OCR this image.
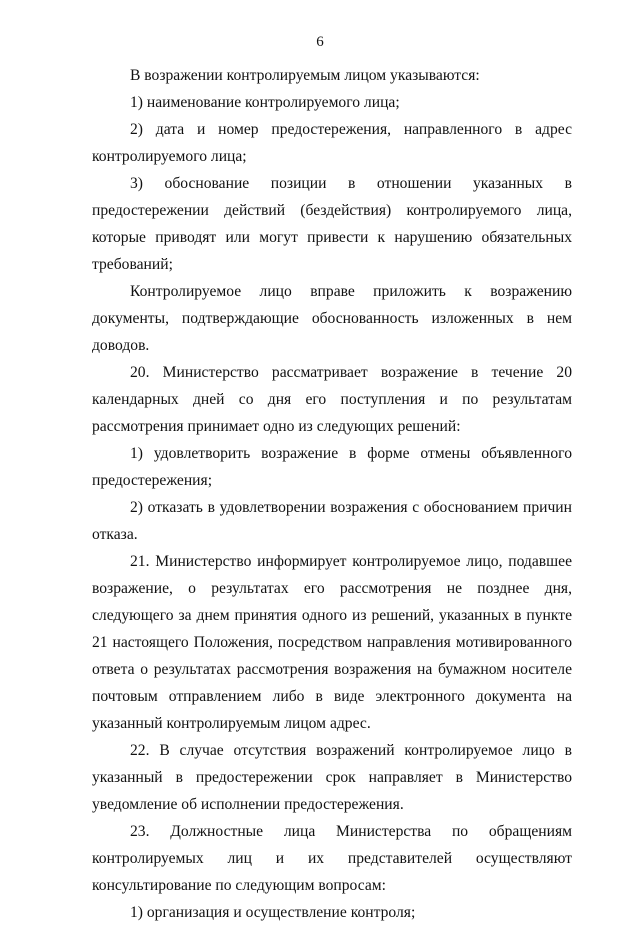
6

В возражении контролируемым лицом указываются:

1) наименование контролируемого лица;

2) дата и номер предостережения, направленного в адрес контролируемого лица;

3) обоснование позиции в отношении указанных в предостережении действий (бездействия) контролируемого лица, которые приводят или могут привести к нарушению обязательных требований;

Контролируемое лицо вправе приложить к возражению документы, подтверждающие обоснованность изложенных в нем доводов.

20. Министерство рассматривает возражение в течение 20 календарных дней со дня его поступления и по результатам рассмотрения принимает одно из следующих решений:

1) удовлетворить возражение в форме отмены объявленного предостережения;

2) отказать в удовлетворении возражения с обоснованием причин отказа.

21. Министерство информирует контролируемое лицо, подавшее возражение, о результатах его рассмотрения не позднее дня, следующего за днем принятия одного из решений, указанных в пункте 21 настоящего Положения, посредством направления мотивированного ответа о результатах рассмотрения возражения на бумажном носителе почтовым отправлением либо в виде электронного документа на указанный контролируемым лицом адрес.

22. В случае отсутствия возражений контролируемое лицо в указанный в предостережении срок направляет в Министерство уведомление об исполнении предостережения.

23. Должностные лица Министерства по обращениям контролируемых лиц и их представителей осуществляют консультирование по следующим вопросам:

1) организация и осуществление контроля;
